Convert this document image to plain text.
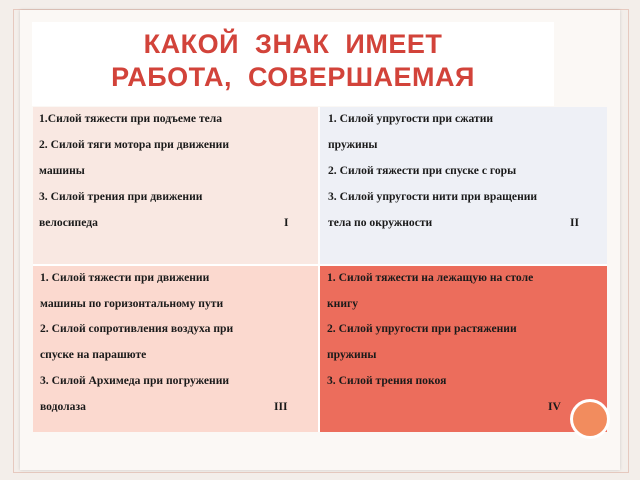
КАКОЙ  ЗНАК  ИМЕЕТ
РАБОТА,  СОВЕРШАЕМАЯ
1.Силой тяжести при подъеме тела
2. Силой тяги мотора при движении
машины
3. Силой трения при движении
велосипеда	I
1. Силой упругости при сжатии
пружины
2. Силой тяжести при спуске с горы
3. Силой упругости нити при вращении
тела по окружности	II
1. Силой тяжести при движении
машины по горизонтальному пути
2. Силой сопротивления воздуха при
спуске на парашюте
3. Силой Архимеда при погружении
водолаза	III
1. Силой тяжести на лежащую на столе
книгу
2. Силой упругости при растяжении
пружины
3. Силой трения покоя
IV
